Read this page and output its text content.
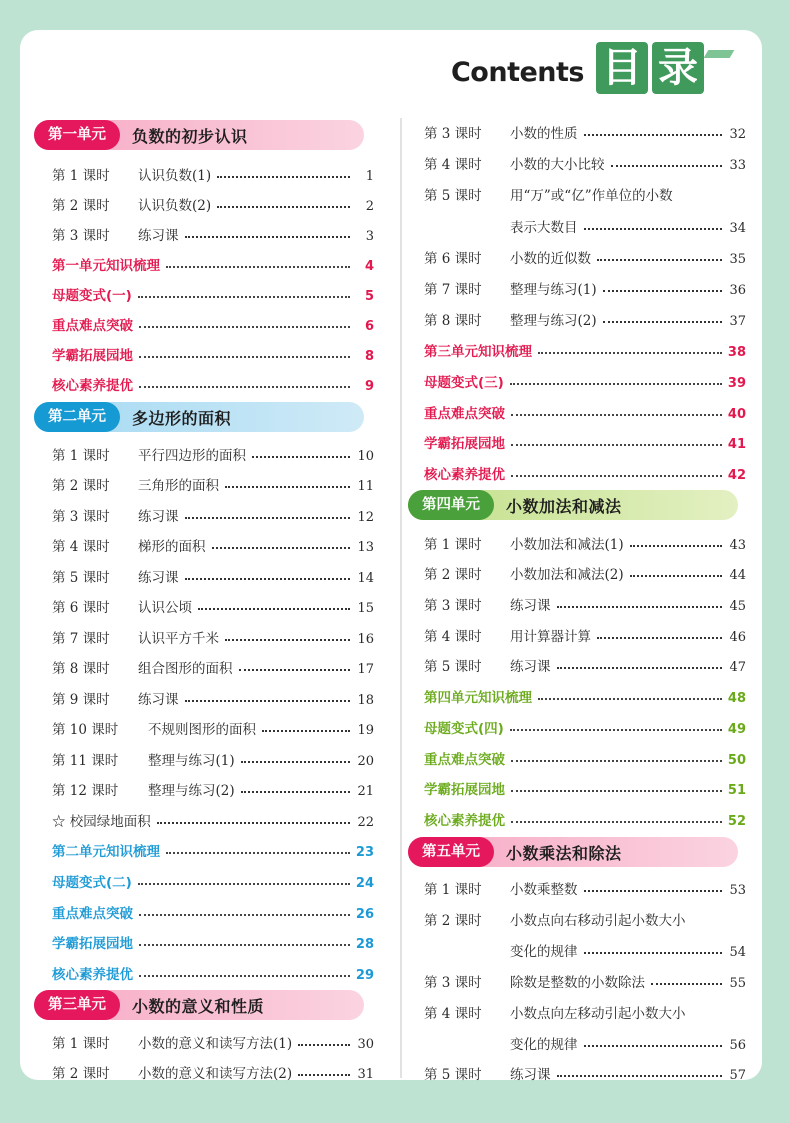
Contents 目 录
第一单元	负数的初步认识
第 1 课时	认识负数(1)	1
第 2 课时	认识负数(2)	2
第 3 课时	练习课	3
第一单元知识梳理	4
母题变式(一)	5
重点难点突破	6
学霸拓展园地	8
核心素养提优	9
第二单元	多边形的面积
第 1 课时	平行四边形的面积	10
第 2 课时	三角形的面积	11
第 3 课时	练习课	12
第 4 课时	梯形的面积	13
第 5 课时	练习课	14
第 6 课时	认识公顷	15
第 7 课时	认识平方千米	16
第 8 课时	组合图形的面积	17
第 9 课时	练习课	18
第 10 课时	不规则图形的面积	19
第 11 课时	整理与练习(1)	20
第 12 课时	整理与练习(2)	21
☆ 校园绿地面积	22
第二单元知识梳理	23
母题变式(二)	24
重点难点突破	26
学霸拓展园地	28
核心素养提优	29
第三单元	小数的意义和性质
第 1 课时	小数的意义和读写方法(1)	30
第 2 课时	小数的意义和读写方法(2)	31
第 3 课时	小数的性质	32
第 4 课时	小数的大小比较	33
第 5 课时	用“万”或“亿”作单位的小数
表示大数目	34
第 6 课时	小数的近似数	35
第 7 课时	整理与练习(1)	36
第 8 课时	整理与练习(2)	37
第三单元知识梳理	38
母题变式(三)	39
重点难点突破	40
学霸拓展园地	41
核心素养提优	42
第四单元	小数加法和减法
第 1 课时	小数加法和减法(1)	43
第 2 课时	小数加法和减法(2)	44
第 3 课时	练习课	45
第 4 课时	用计算器计算	46
第 5 课时	练习课	47
第四单元知识梳理	48
母题变式(四)	49
重点难点突破	50
学霸拓展园地	51
核心素养提优	52
第五单元	小数乘法和除法
第 1 课时	小数乘整数	53
第 2 课时	小数点向右移动引起小数大小
变化的规律	54
第 3 课时	除数是整数的小数除法	55
第 4 课时	小数点向左移动引起小数大小
变化的规律	56
第 5 课时	练习课	57
